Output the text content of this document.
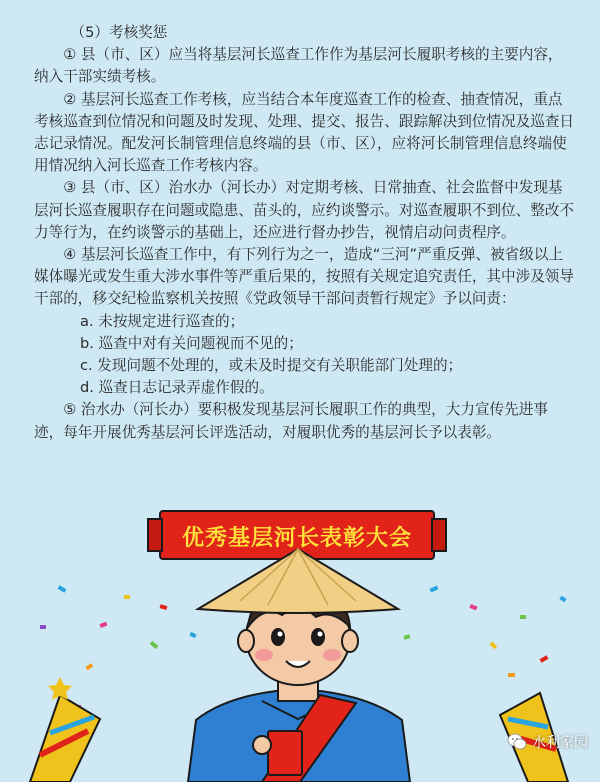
（5）考核奖惩

① 县（市、区）应当将基层河长巡查工作作为基层河长履职考核的主要内容，纳入干部实绩考核。

② 基层河长巡查工作考核，应当结合本年度巡查工作的检查、抽查情况，重点考核巡查到位情况和问题及时发现、处理、提交、报告、跟踪解决到位情况及巡查日志记录情况。配发河长制管理信息终端的县（市、区），应将河长制管理信息终端使用情况纳入河长巡查工作考核内容。

③ 县（市、区）治水办（河长办）对定期考核、日常抽查、社会监督中发现基层河长巡查履职存在问题或隐患、苗头的，应约谈警示。对巡查履职不到位、整改不力等行为，在约谈警示的基础上，还应进行督办抄告，视情启动问责程序。

④ 基层河长巡查工作中，有下列行为之一，造成“三河”严重反弹、被省级以上媒体曝光或发生重大涉水事件等严重后果的，按照有关规定追究责任，其中涉及领导干部的，移交纪检监察机关按照《党政领导干部问责暂行规定》予以问责：

a. 未按规定进行巡查的；

b. 巡查中对有关问题视而不见的；

c. 发现问题不处理的，或未及时提交有关职能部门处理的；

d. 巡查日志记录弄虚作假的。

⑤ 治水办（河长办）要积极发现基层河长履职工作的典型，大力宣传先进事迹，每年开展优秀基层河长评选活动，对履职优秀的基层河长予以表彰。

优秀基层河长表彰大会
水利家园
